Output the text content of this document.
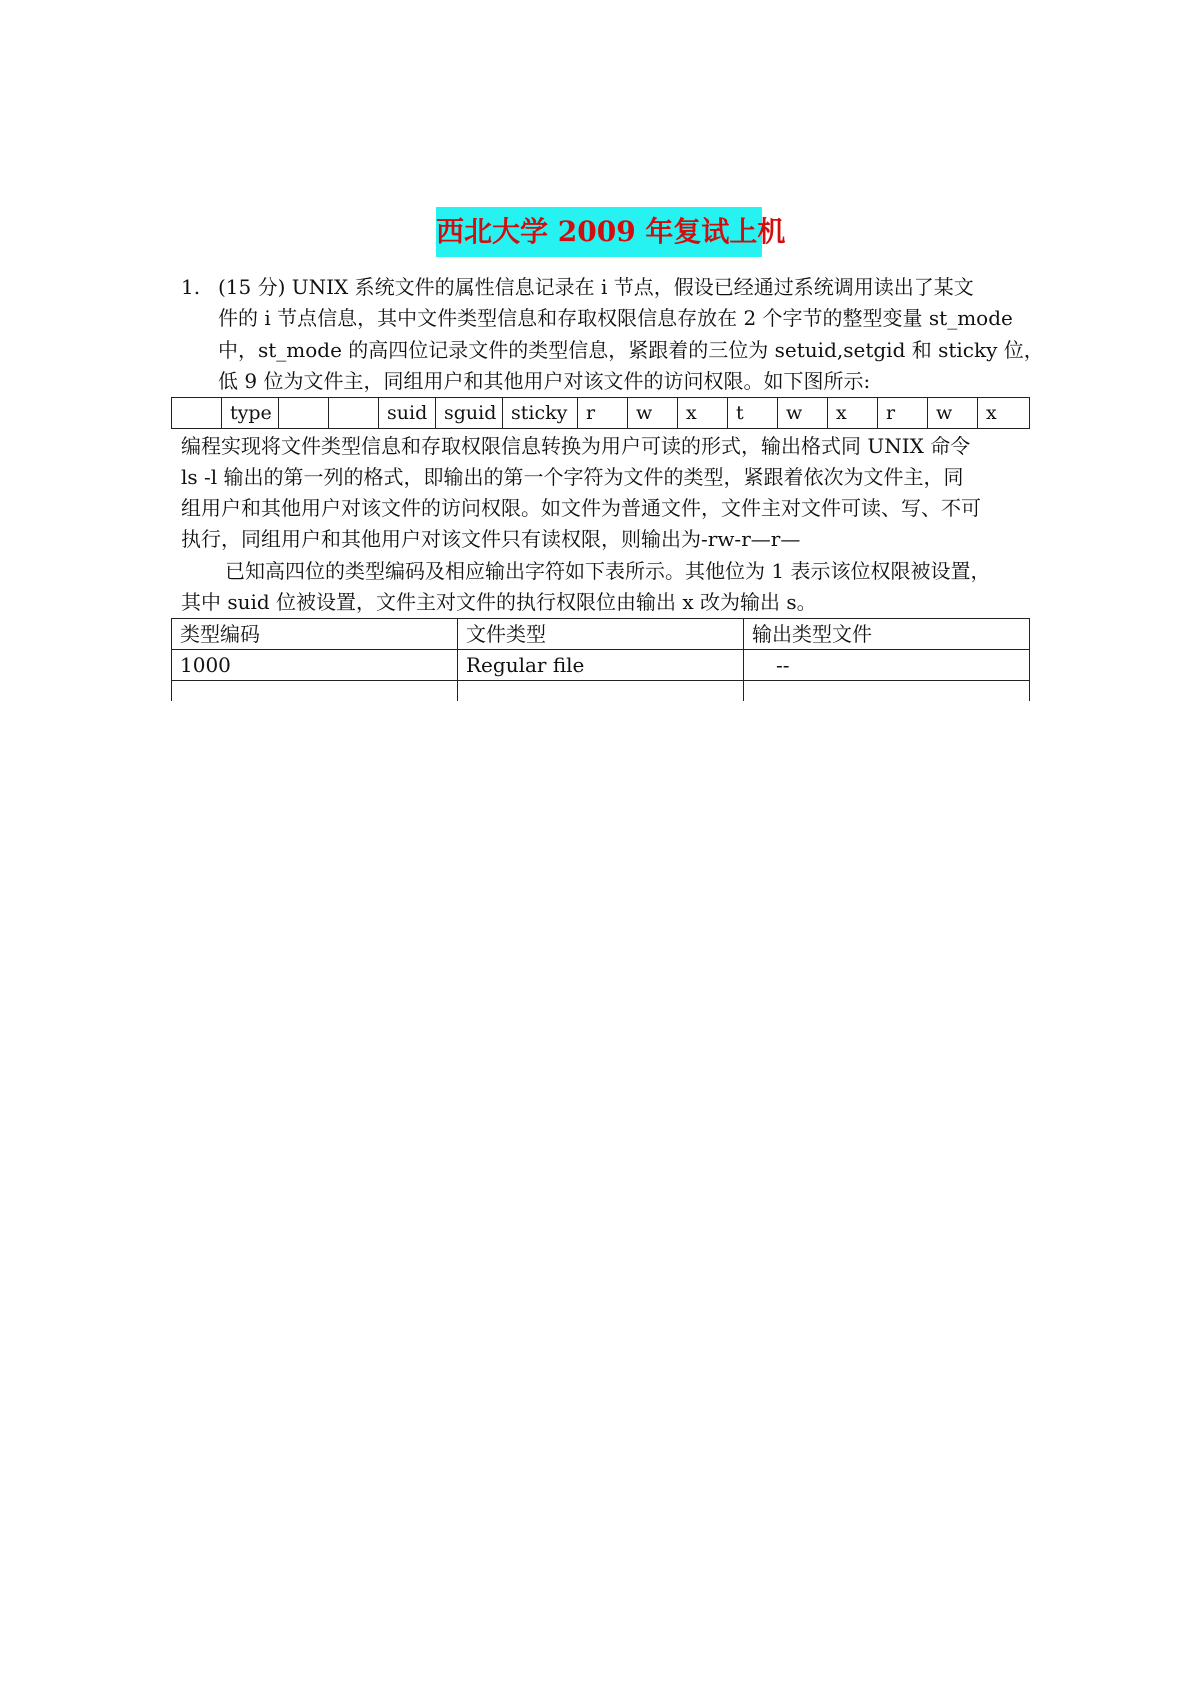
西北大学 2009 年复试上机
1. (15 分) UNIX 系统文件的属性信息记录在 i 节点，假设已经通过系统调用读出了某文
件的 i 节点信息，其中文件类型信息和存取权限信息存放在 2 个字节的整型变量 st_mode
中，st_mode 的高四位记录文件的类型信息，紧跟着的三位为 setuid,setgid 和 sticky 位，
低 9 位为文件主，同组用户和其他用户对该文件的访问权限。如下图所示:
	type			suid	sguid	sticky	r	w	x	t	w	x	r	w	x
编程实现将文件类型信息和存取权限信息转换为用户可读的形式，输出格式同 UNIX 命令
ls -l 输出的第一列的格式，即输出的第一个字符为文件的类型，紧跟着依次为文件主，同
组用户和其他用户对该文件的访问权限。如文件为普通文件，文件主对文件可读、写、不可
执行，同组用户和其他用户对该文件只有读权限，则输出为-rw-r—r—
已知高四位的类型编码及相应输出字符如下表所示。其他位为 1 表示该位权限被设置，
其中 suid 位被设置，文件主对文件的执行权限位由输出 x 改为输出 s。
类型编码	文件类型	输出类型文件
1000	Regular file	--
